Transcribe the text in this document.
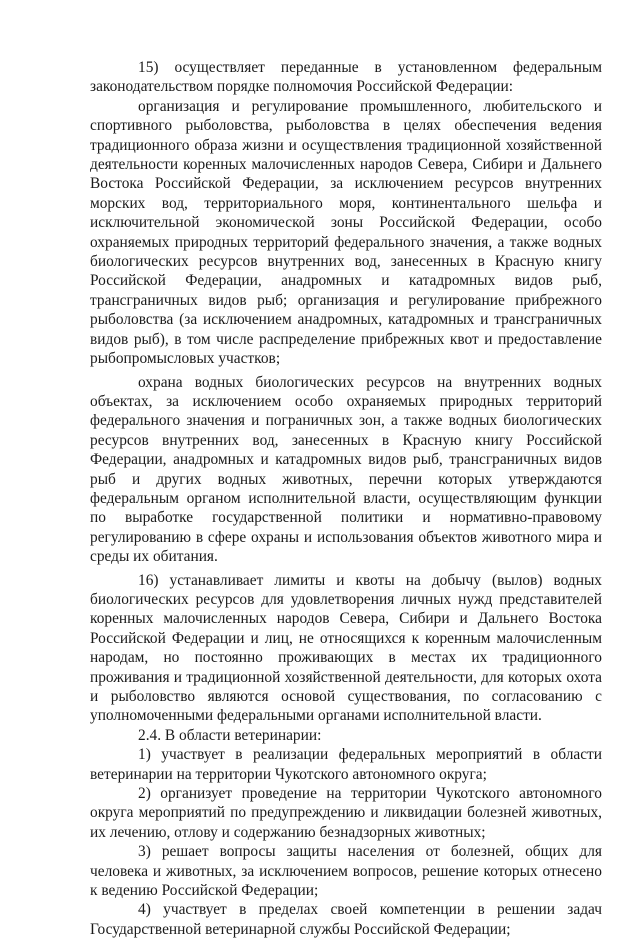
15) осуществляет переданные в установленном федеральным законодательством порядке полномочия Российской Федерации:

организация и регулирование промышленного, любительского и спортивного рыболовства, рыболовства в целях обеспечения ведения традиционного образа жизни и осуществления традиционной хозяйственной деятельности коренных малочисленных народов Севера, Сибири и Дальнего Востока Российской Федерации, за исключением ресурсов внутренних морских вод, территориального моря, континентального шельфа и исключительной экономической зоны Российской Федерации, особо охраняемых природных территорий федерального значения, а также водных биологических ресурсов внутренних вод, занесенных в Красную книгу Российской Федерации, анадромных и катадромных видов рыб, трансграничных видов рыб; организация и регулирование прибрежного рыболовства (за исключением анадромных, катадромных и трансграничных видов рыб), в том числе распределение прибрежных квот и предоставление рыбопромысловых участков;

охрана водных биологических ресурсов на внутренних водных объектах, за исключением особо охраняемых природных территорий федерального значения и пограничных зон, а также водных биологических ресурсов внутренних вод, занесенных в Красную книгу Российской Федерации, анадромных и катадромных видов рыб, трансграничных видов рыб и других водных животных, перечни которых утверждаются федеральным органом исполнительной власти, осуществляющим функции по выработке государственной политики и нормативно-правовому регулированию в сфере охраны и использования объектов животного мира и среды их обитания.

16) устанавливает лимиты и квоты на добычу (вылов) водных биологических ресурсов для удовлетворения личных нужд представителей коренных малочисленных народов Севера, Сибири и Дальнего Востока Российской Федерации и лиц, не относящихся к коренным малочисленным народам, но постоянно проживающих в местах их традиционного проживания и традиционной хозяйственной деятельности, для которых охота и рыболовство являются основой существования, по согласованию с уполномоченными федеральными органами исполнительной власти.

2.4. В области ветеринарии:

1) участвует в реализации федеральных мероприятий в области ветеринарии на территории Чукотского автономного округа;

2) организует проведение на территории Чукотского автономного округа мероприятий по предупреждению и ликвидации болезней животных, их лечению, отлову и содержанию безнадзорных животных;

3) решает вопросы защиты населения от болезней, общих для человека и животных, за исключением вопросов, решение которых отнесено к ведению Российской Федерации;

4) участвует в пределах своей компетенции в решении задач Государственной ветеринарной службы Российской Федерации;
